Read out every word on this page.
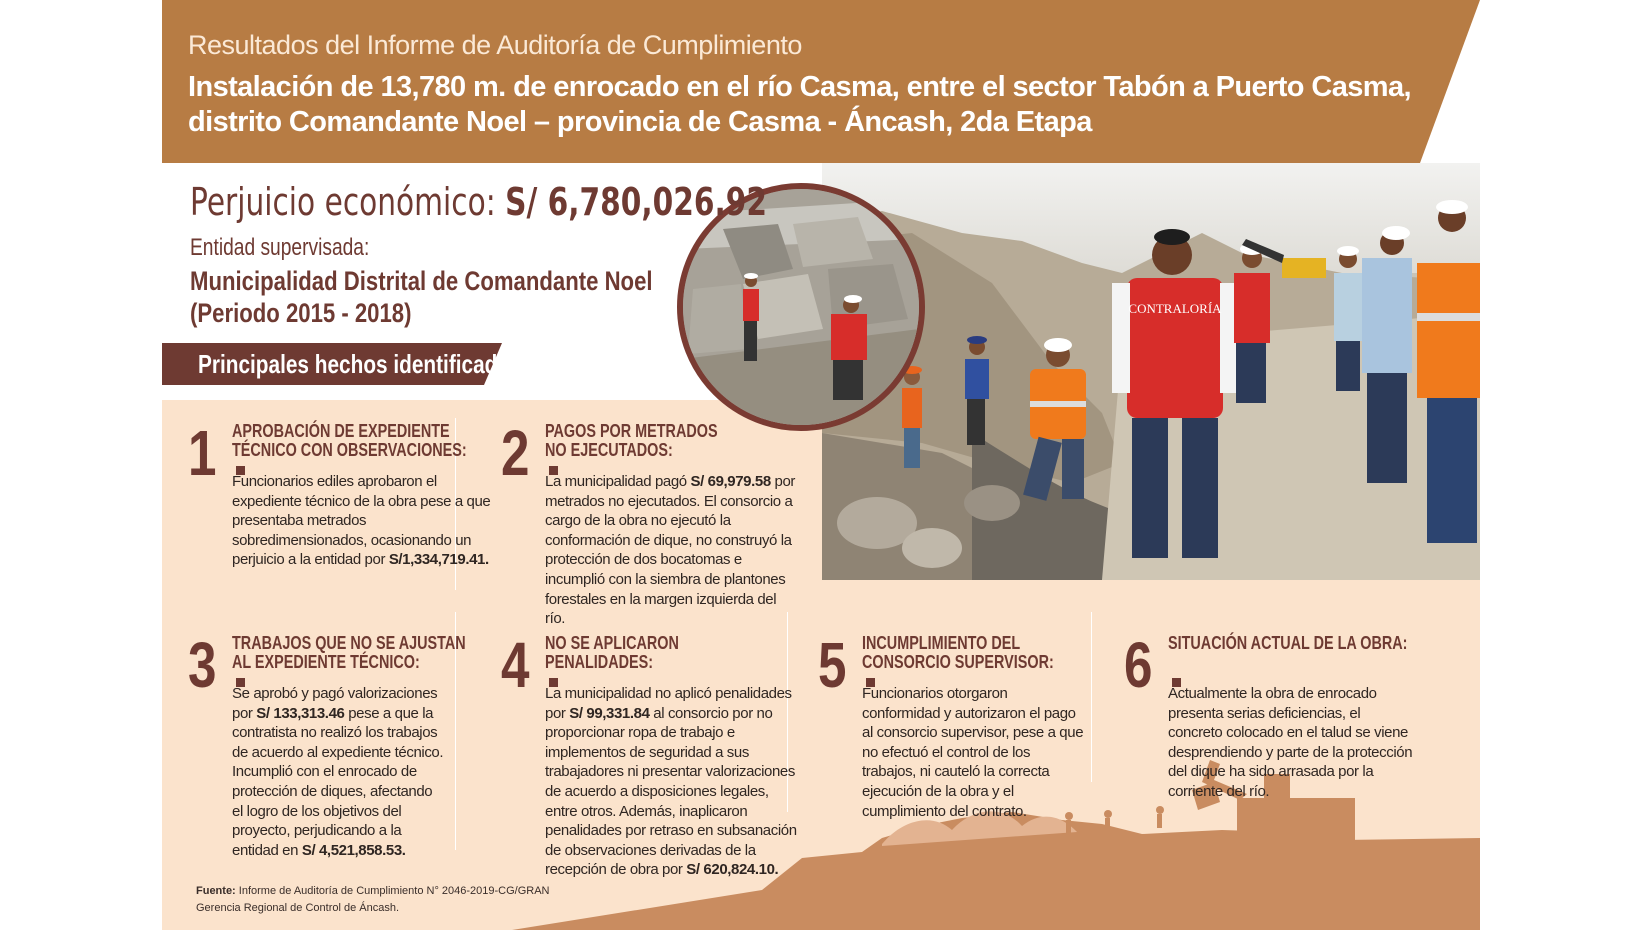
Resultados del Informe de Auditoría de Cumplimiento
Instalación de 13,780 m. de enrocado en el río Casma, entre el sector Tabón a Puerto Casma,
distrito Comandante Noel – provincia de Casma - Áncash, 2da Etapa
CONTRALORÍA
Perjuicio económico: S/ 6,780,026.92
Entidad supervisada:
Municipalidad Distrital de Comandante Noel
(Periodo 2015 - 2018)
Principales hechos identificados:
1 APROBACIÓN DE EXPEDIENTE
TÉCNICO CON OBSERVACIONES:
Funcionarios ediles aprobaron el expediente técnico de la obra pese a que presentaba metrados sobredimensionados, ocasionando un perjuicio a la entidad por S/1,334,719.41.
2 PAGOS POR METRADOS
NO EJECUTADOS:
La municipalidad pagó S/ 69,979.58 por metrados no ejecutados. El consorcio a cargo de la obra no ejecutó la conformación de dique, no construyó la protección de dos bocatomas e incumplió con la siembra de plantones forestales en la margen izquierda del río.
3 TRABAJOS QUE NO SE AJUSTAN
AL EXPEDIENTE TÉCNICO:
Se aprobó y pagó valorizaciones por S/ 133,313.46 pese a que la contratista no realizó los trabajos de acuerdo al expediente técnico. Incumplió con el enrocado de protección de diques, afectando el logro de los objetivos del proyecto, perjudicando a la entidad en S/ 4,521,858.53.
4 NO SE APLICARON
PENALIDADES:
La municipalidad no aplicó penalidades por S/ 99,331.84 al consorcio por no proporcionar ropa de trabajo e implementos de seguridad a sus trabajadores ni presentar valorizaciones de acuerdo a disposiciones legales, entre otros. Además, inaplicaron penalidades por retraso en subsanación de observaciones derivadas de la recepción de obra por S/ 620,824.10.
5 INCUMPLIMIENTO DEL
CONSORCIO SUPERVISOR:
Funcionarios otorgaron conformidad y autorizaron el pago al consorcio supervisor, pese a que no efectuó el control de los trabajos, ni cauteló la correcta ejecución de la obra y el cumplimiento del contrato.
6 SITUACIÓN ACTUAL DE LA OBRA:
Actualmente la obra de enrocado presenta serias deficiencias, el concreto colocado en el talud se viene desprendiendo y parte de la protección del dique ha sido arrasada por la corriente del río.
Fuente: Informe de Auditoría de Cumplimiento N° 2046-2019-CG/GRAN
Gerencia Regional de Control de Áncash.
